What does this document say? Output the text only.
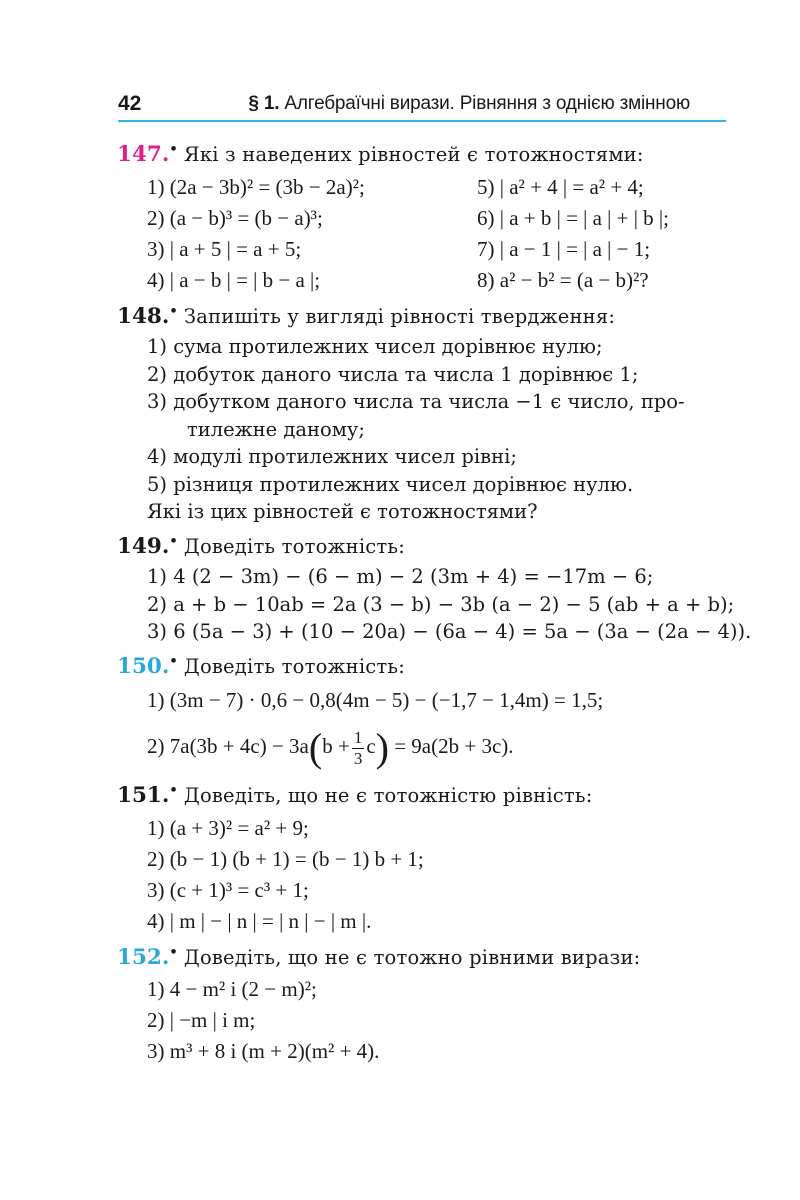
42	§ 1. Алгебраїчні вирази. Рівняння з однією змінною
147.• Які з наведених рівностей є тотожностями:
1) (2a − 3b)² = (3b − 2a)²;	5) | a² + 4 | = a² + 4;
2) (a − b)³ = (b − a)³;	6) | a + b | = | a | + | b |;
3) | a + 5 | = a + 5;	7) | a − 1 | = | a | − 1;
4) | a − b | = | b − a |;	8) a² − b² = (a − b)²?
148.• Запишіть у вигляді рівності твердження:
1) сума протилежних чисел дорівнює нулю;
2) добуток даного числа та числа 1 дорівнює 1;
3) добутком даного числа та числа −1 є число, про-
тилежне даному;
4) модулі протилежних чисел рівні;
5) різниця протилежних чисел дорівнює нулю.
Які із цих рівностей є тотожностями?
149.• Доведіть тотожність:
1) 4 (2 − 3m) − (6 − m) − 2 (3m + 4) = −17m − 6;
2) a + b − 10ab = 2a (3 − b) − 3b (a − 2) − 5 (ab + a + b);
3) 6 (5a − 3) + (10 − 20a) − (6a − 4) = 5a − (3a − (2a − 4)).
150.• Доведіть тотожність:
1) (3m − 7) · 0,6 − 0,8(4m − 5) − (−1,7 − 1,4m) = 1,5;
2) $7a(3b + 4c) - 3a(b + \frac{1}{3} c) = 9a(2b + 3c)$.
151.• Доведіть, що не є тотожністю рівність:
1) (a + 3)² = a² + 9;
2) (b − 1) (b + 1) = (b − 1) b + 1;
3) (c + 1)³ = c³ + 1;
4) | m | − | n | = | n | − | m |.
152.• Доведіть, що не є тотожно рівними вирази:
1) 4 − m² і (2 − m)²;
2) | −m | і m;
3) m³ + 8 і (m + 2)(m² + 4).
